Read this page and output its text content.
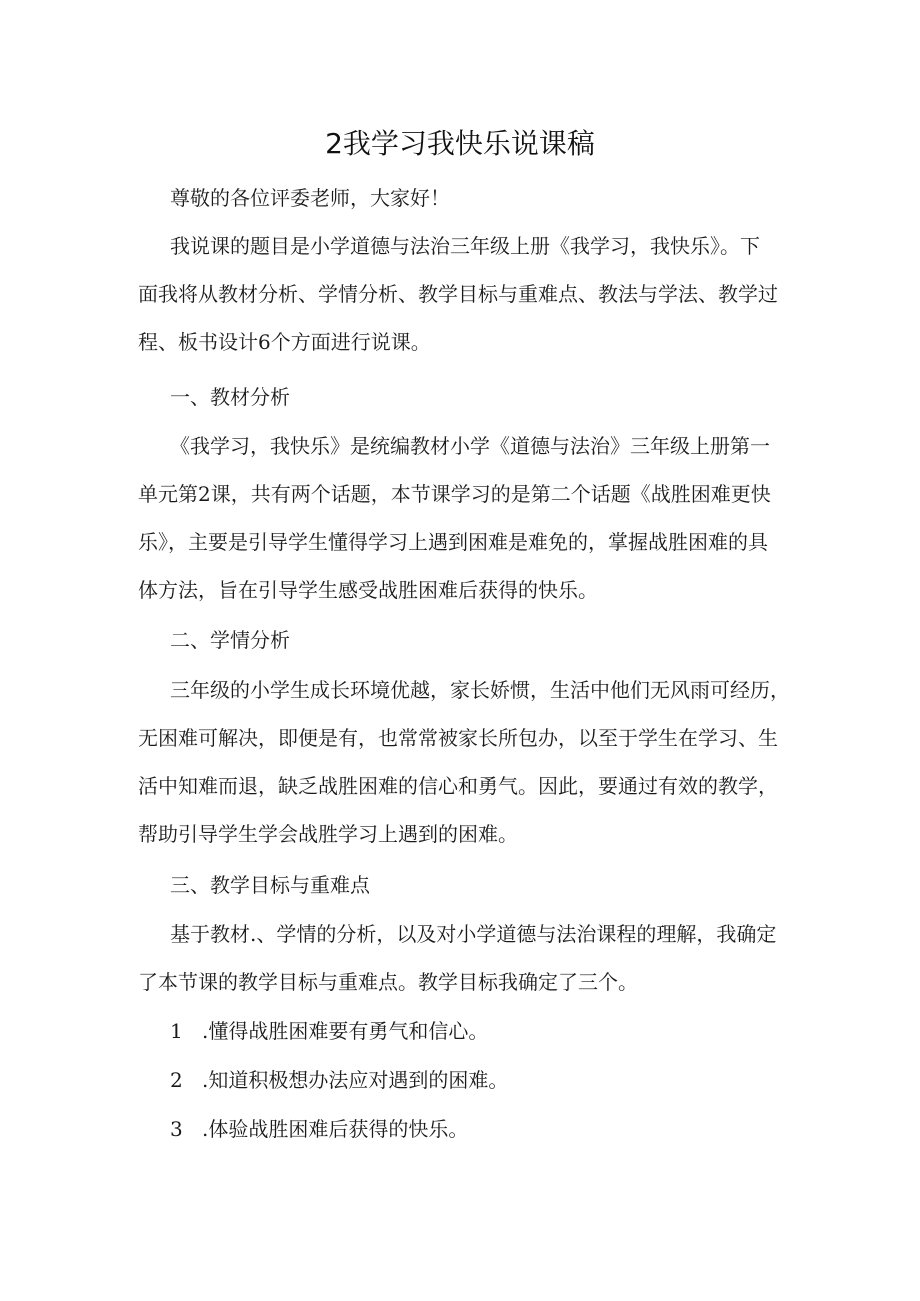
2我学习我快乐说课稿
尊敬的各位评委老师，大家好！
我说课的题目是小学道德与法治三年级上册《我学习，我快乐》。下
面我将从教材分析、学情分析、教学目标与重难点、教法与学法、教学过
程、板书设计6个方面进行说课。
一、教材分析
《我学习，我快乐》是统编教材小学《道德与法治》三年级上册第一
单元第2课，共有两个话题，本节课学习的是第二个话题《战胜困难更快
乐》，主要是引导学生懂得学习上遇到困难是难免的，掌握战胜困难的具
体方法，旨在引导学生感受战胜困难后获得的快乐。
二、学情分析
三年级的小学生成长环境优越，家长娇惯，生活中他们无风雨可经历，
无困难可解决，即便是有，也常常被家长所包办，以至于学生在学习、生
活中知难而退，缺乏战胜困难的信心和勇气。因此，要通过有效的教学，
帮助引导学生学会战胜学习上遇到的困难。
三、教学目标与重难点
基于教材.、学情的分析，以及对小学道德与法治课程的理解，我确定
了本节课的教学目标与重难点。教学目标我确定了三个。
1 .懂得战胜困难要有勇气和信心。
2 .知道积极想办法应对遇到的困难。
3 .体验战胜困难后获得的快乐。
